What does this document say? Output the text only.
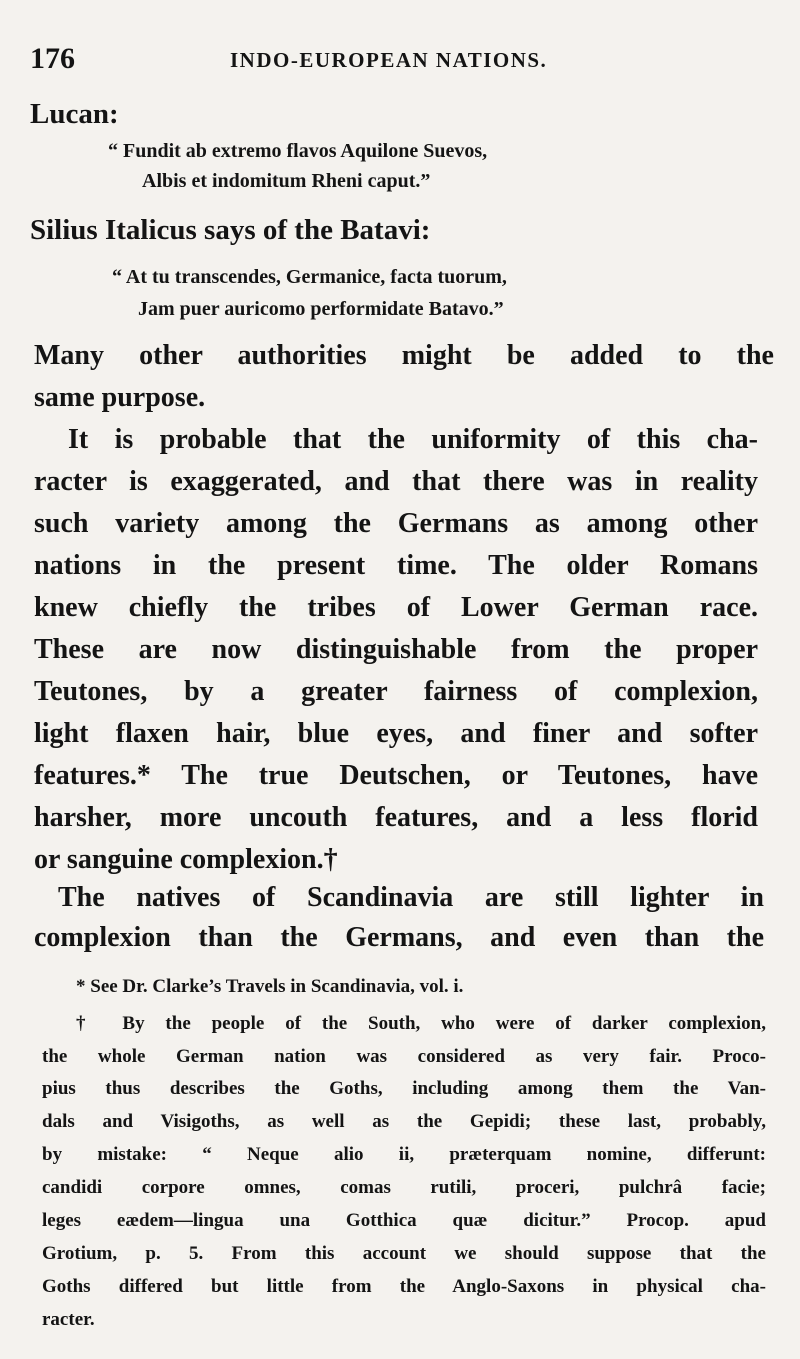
176	INDO-EUROPEAN NATIONS.
Lucan:
“ Fundit ab extremo flavos Aquilone Suevos,
Albis et indomitum Rheni caput.”
Silius Italicus says of the Batavi:
“ At tu transcendes, Germanice, facta tuorum,
Jam puer auricomo performidate Batavo.”
Many other authorities might be added to the
same purpose.
It is probable that the uniformity of this cha-
racter is exaggerated, and that there was in reality
such variety among the Germans as among other
nations in the present time. The older Romans
knew chiefly the tribes of Lower German race.
These are now distinguishable from the proper
Teutones, by a greater fairness of complexion,
light flaxen hair, blue eyes, and finer and softer
features.* The true Deutschen, or Teutones, have
harsher, more uncouth features, and a less florid
or sanguine complexion.†
The natives of Scandinavia are still lighter in
complexion than the Germans, and even than the
* See Dr. Clarke’s Travels in Scandinavia, vol. i.
† By the people of the South, who were of darker complexion,
the whole German nation was considered as very fair. Proco-
pius thus describes the Goths, including among them the Van-
dals and Visigoths, as well as the Gepidi; these last, probably,
by mistake: “ Neque alio ii, præterquam nomine, differunt:
candidi corpore omnes, comas rutili, proceri, pulchrâ facie;
leges eædem—lingua una Gotthica quæ dicitur.” Procop. apud
Grotium, p. 5. From this account we should suppose that the
Goths differed but little from the Anglo-Saxons in physical cha-
racter.
